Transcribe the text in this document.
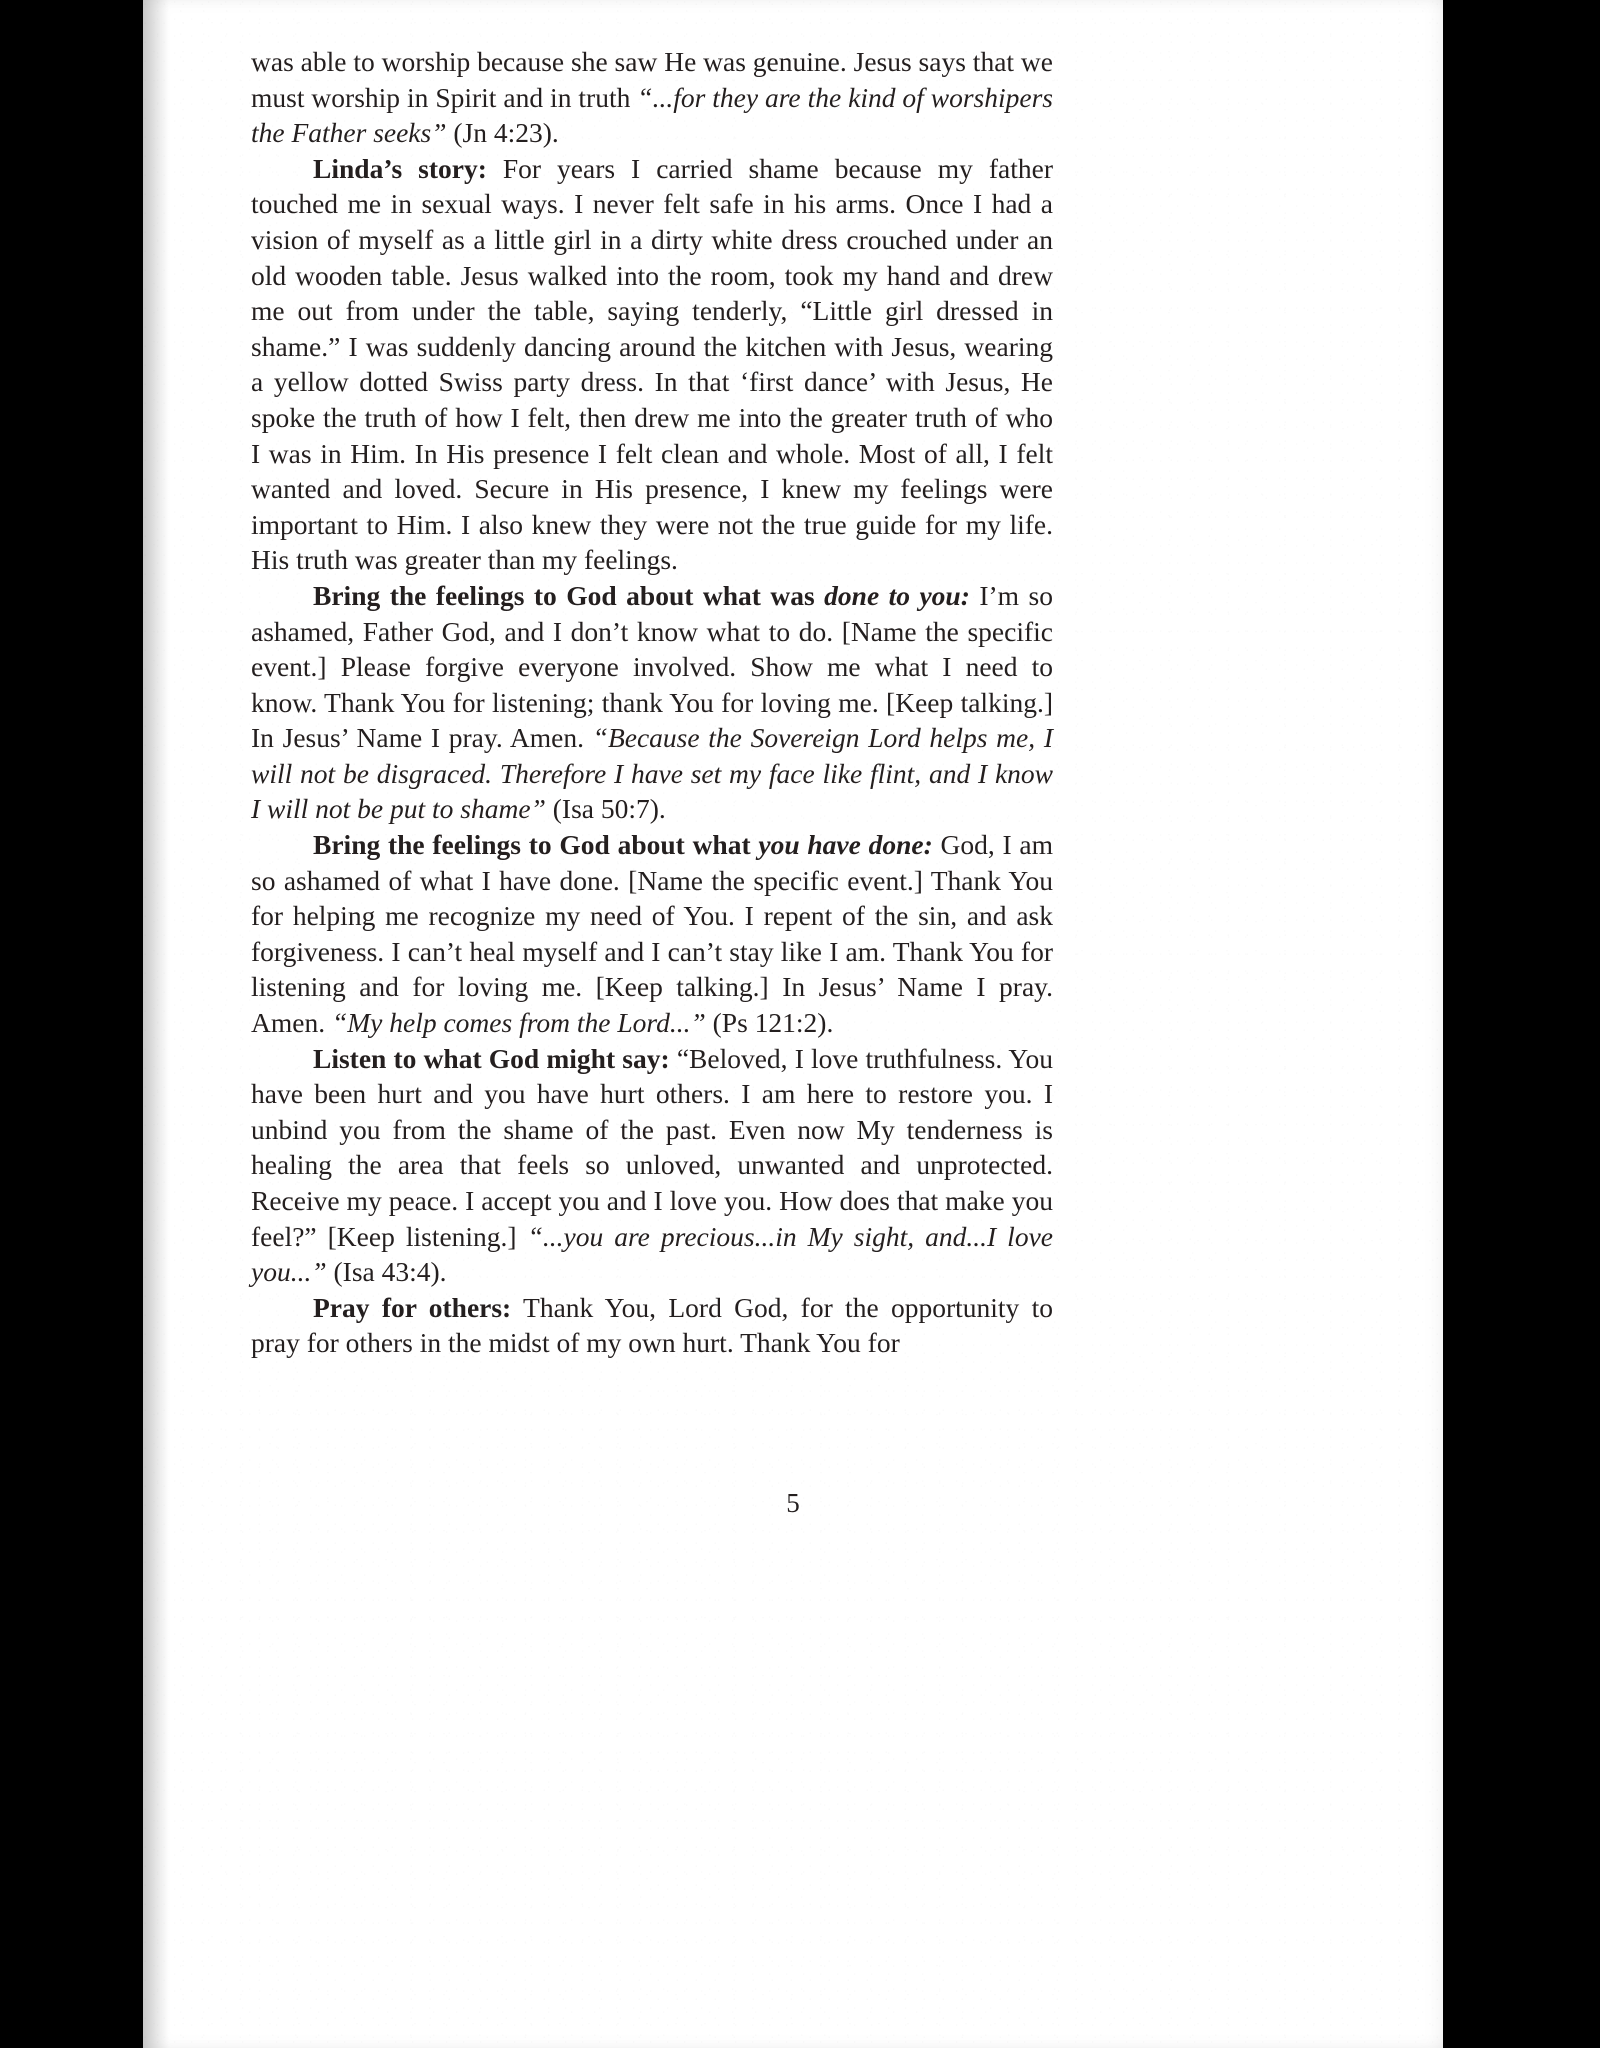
was able to worship because she saw He was genuine. Jesus says that we must worship in Spirit and in truth “...for they are the kind of worshipers the Father seeks” (Jn 4:23).

Linda’s story: For years I carried shame because my father touched me in sexual ways. I never felt safe in his arms. Once I had a vision of myself as a little girl in a dirty white dress crouched under an old wooden table. Jesus walked into the room, took my hand and drew me out from under the table, saying tenderly, “Little girl dressed in shame.” I was suddenly dancing around the kitchen with Jesus, wearing a yellow dotted Swiss party dress. In that ‘first dance’ with Jesus, He spoke the truth of how I felt, then drew me into the greater truth of who I was in Him. In His presence I felt clean and whole. Most of all, I felt wanted and loved. Secure in His presence, I knew my feelings were important to Him. I also knew they were not the true guide for my life. His truth was greater than my feelings.

Bring the feelings to God about what was done to you: I’m so ashamed, Father God, and I don’t know what to do. [Name the specific event.] Please forgive everyone involved. Show me what I need to know. Thank You for listening; thank You for loving me. [Keep talking.] In Jesus’ Name I pray. Amen. “Because the Sovereign Lord helps me, I will not be disgraced. Therefore I have set my face like flint, and I know I will not be put to shame” (Isa 50:7).

Bring the feelings to God about what you have done: God, I am so ashamed of what I have done. [Name the specific event.] Thank You for helping me recognize my need of You. I repent of the sin, and ask forgiveness. I can’t heal myself and I can’t stay like I am. Thank You for listening and for loving me. [Keep talking.] In Jesus’ Name I pray. Amen. “My help comes from the Lord...” (Ps 121:2).

Listen to what God might say: “Beloved, I love truthfulness. You have been hurt and you have hurt others. I am here to restore you. I unbind you from the shame of the past. Even now My tenderness is healing the area that feels so unloved, unwanted and unprotected. Receive my peace. I accept you and I love you. How does that make you feel?” [Keep listening.] “...you are precious...in My sight, and...I love you...” (Isa 43:4).

Pray for others: Thank You, Lord God, for the opportunity to pray for others in the midst of my own hurt. Thank You for

5
